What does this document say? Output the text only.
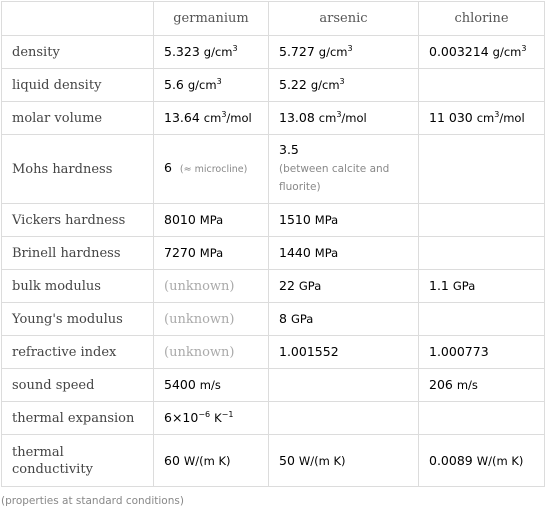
	germanium	arsenic	chlorine
density	5.323 $g/cm^3$	5.727 $g/cm^3$	0.003214 $g/cm^3$
liquid density	5.6 $g/cm^3$	5.22 $g/cm^3$	
molar volume	13.64 $cm^3$/mol	13.08 $cm^3$/mol	11 030 $cm^3$/mol
Mohs hardness	6 (≈ microcline)	3.5
(between calcite and fluorite)	

Vickers hardness	8010 MPa	1510 MPa	
Brinell hardness	7270 MPa	1440 MPa	
bulk modulus	(unknown)	22 GPa	1.1 GPa
Young's modulus	(unknown)	8 GPa	
refractive index	(unknown)	1.001552	1.000773
sound speed	5400 m/s		206 m/s
thermal expansion	$6\times 10^{-6}$ $K^{-1}$		

thermal conductivity	60 W/(m K)	50 W/(m K)	0.0089 W/(m K)
(properties at standard conditions)
